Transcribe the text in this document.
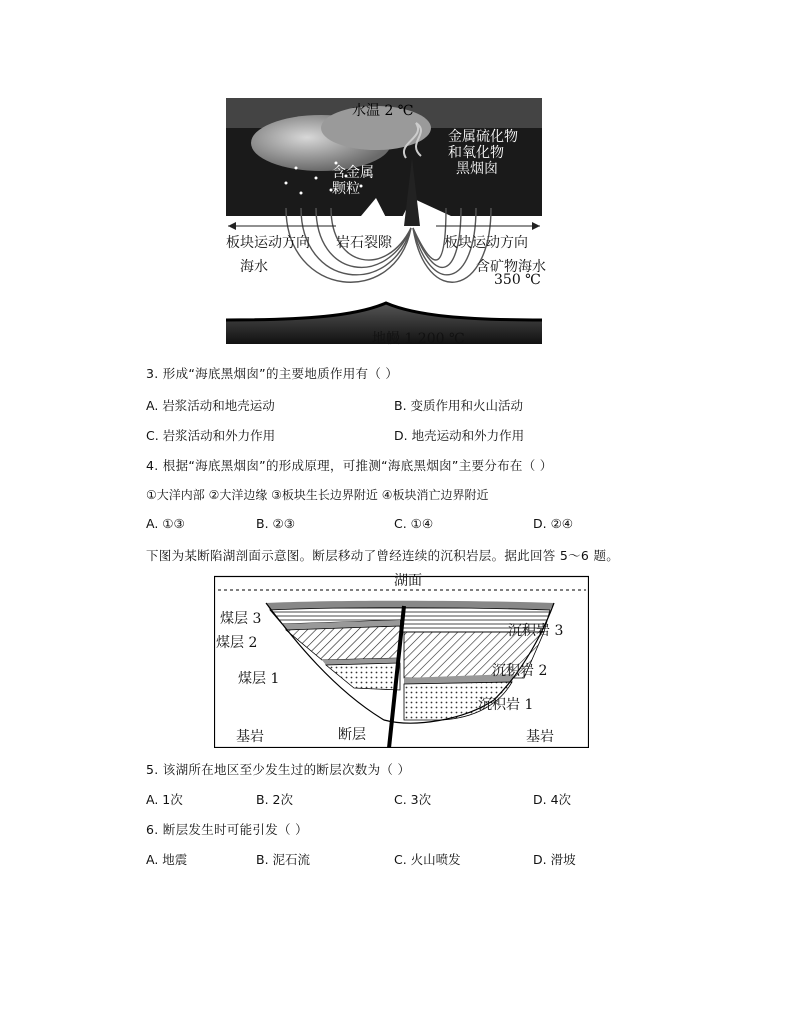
水温 2 ℃
金属硫化物
和氧化物
黑烟囱
含金属
颗粒
板块运动方向 岩石裂隙	板块运动方向
海水	含矿物海水
350 ℃
地幔 1 200 ℃
3. 形成“海底黑烟囱”的主要地质作用有（ ）
A. 岩浆活动和地壳运动	B. 变质作用和火山活动
C. 岩浆活动和外力作用	D. 地壳运动和外力作用
4. 根据“海底黑烟囱”的形成原理，可推测“海底黑烟囱”主要分布在（ ）
①大洋内部 ②大洋边缘 ③板块生长边界附近 ④板块消亡边界附近
A. ①③	B. ②③	C. ①④	D. ②④
下图为某断陷湖剖面示意图。断层移动了曾经连续的沉积岩层。据此回答 5～6 题。
湖面
煤层 3
煤层 2
煤层 1
沉积岩 3
沉积岩 2
沉积岩 1
基岩	断层	基岩
5. 该湖所在地区至少发生过的断层次数为（ ）
A. 1次	B. 2次	C. 3次	D. 4次
6. 断层发生时可能引发（ ）
A. 地震	B. 泥石流	C. 火山喷发	D. 滑坡
